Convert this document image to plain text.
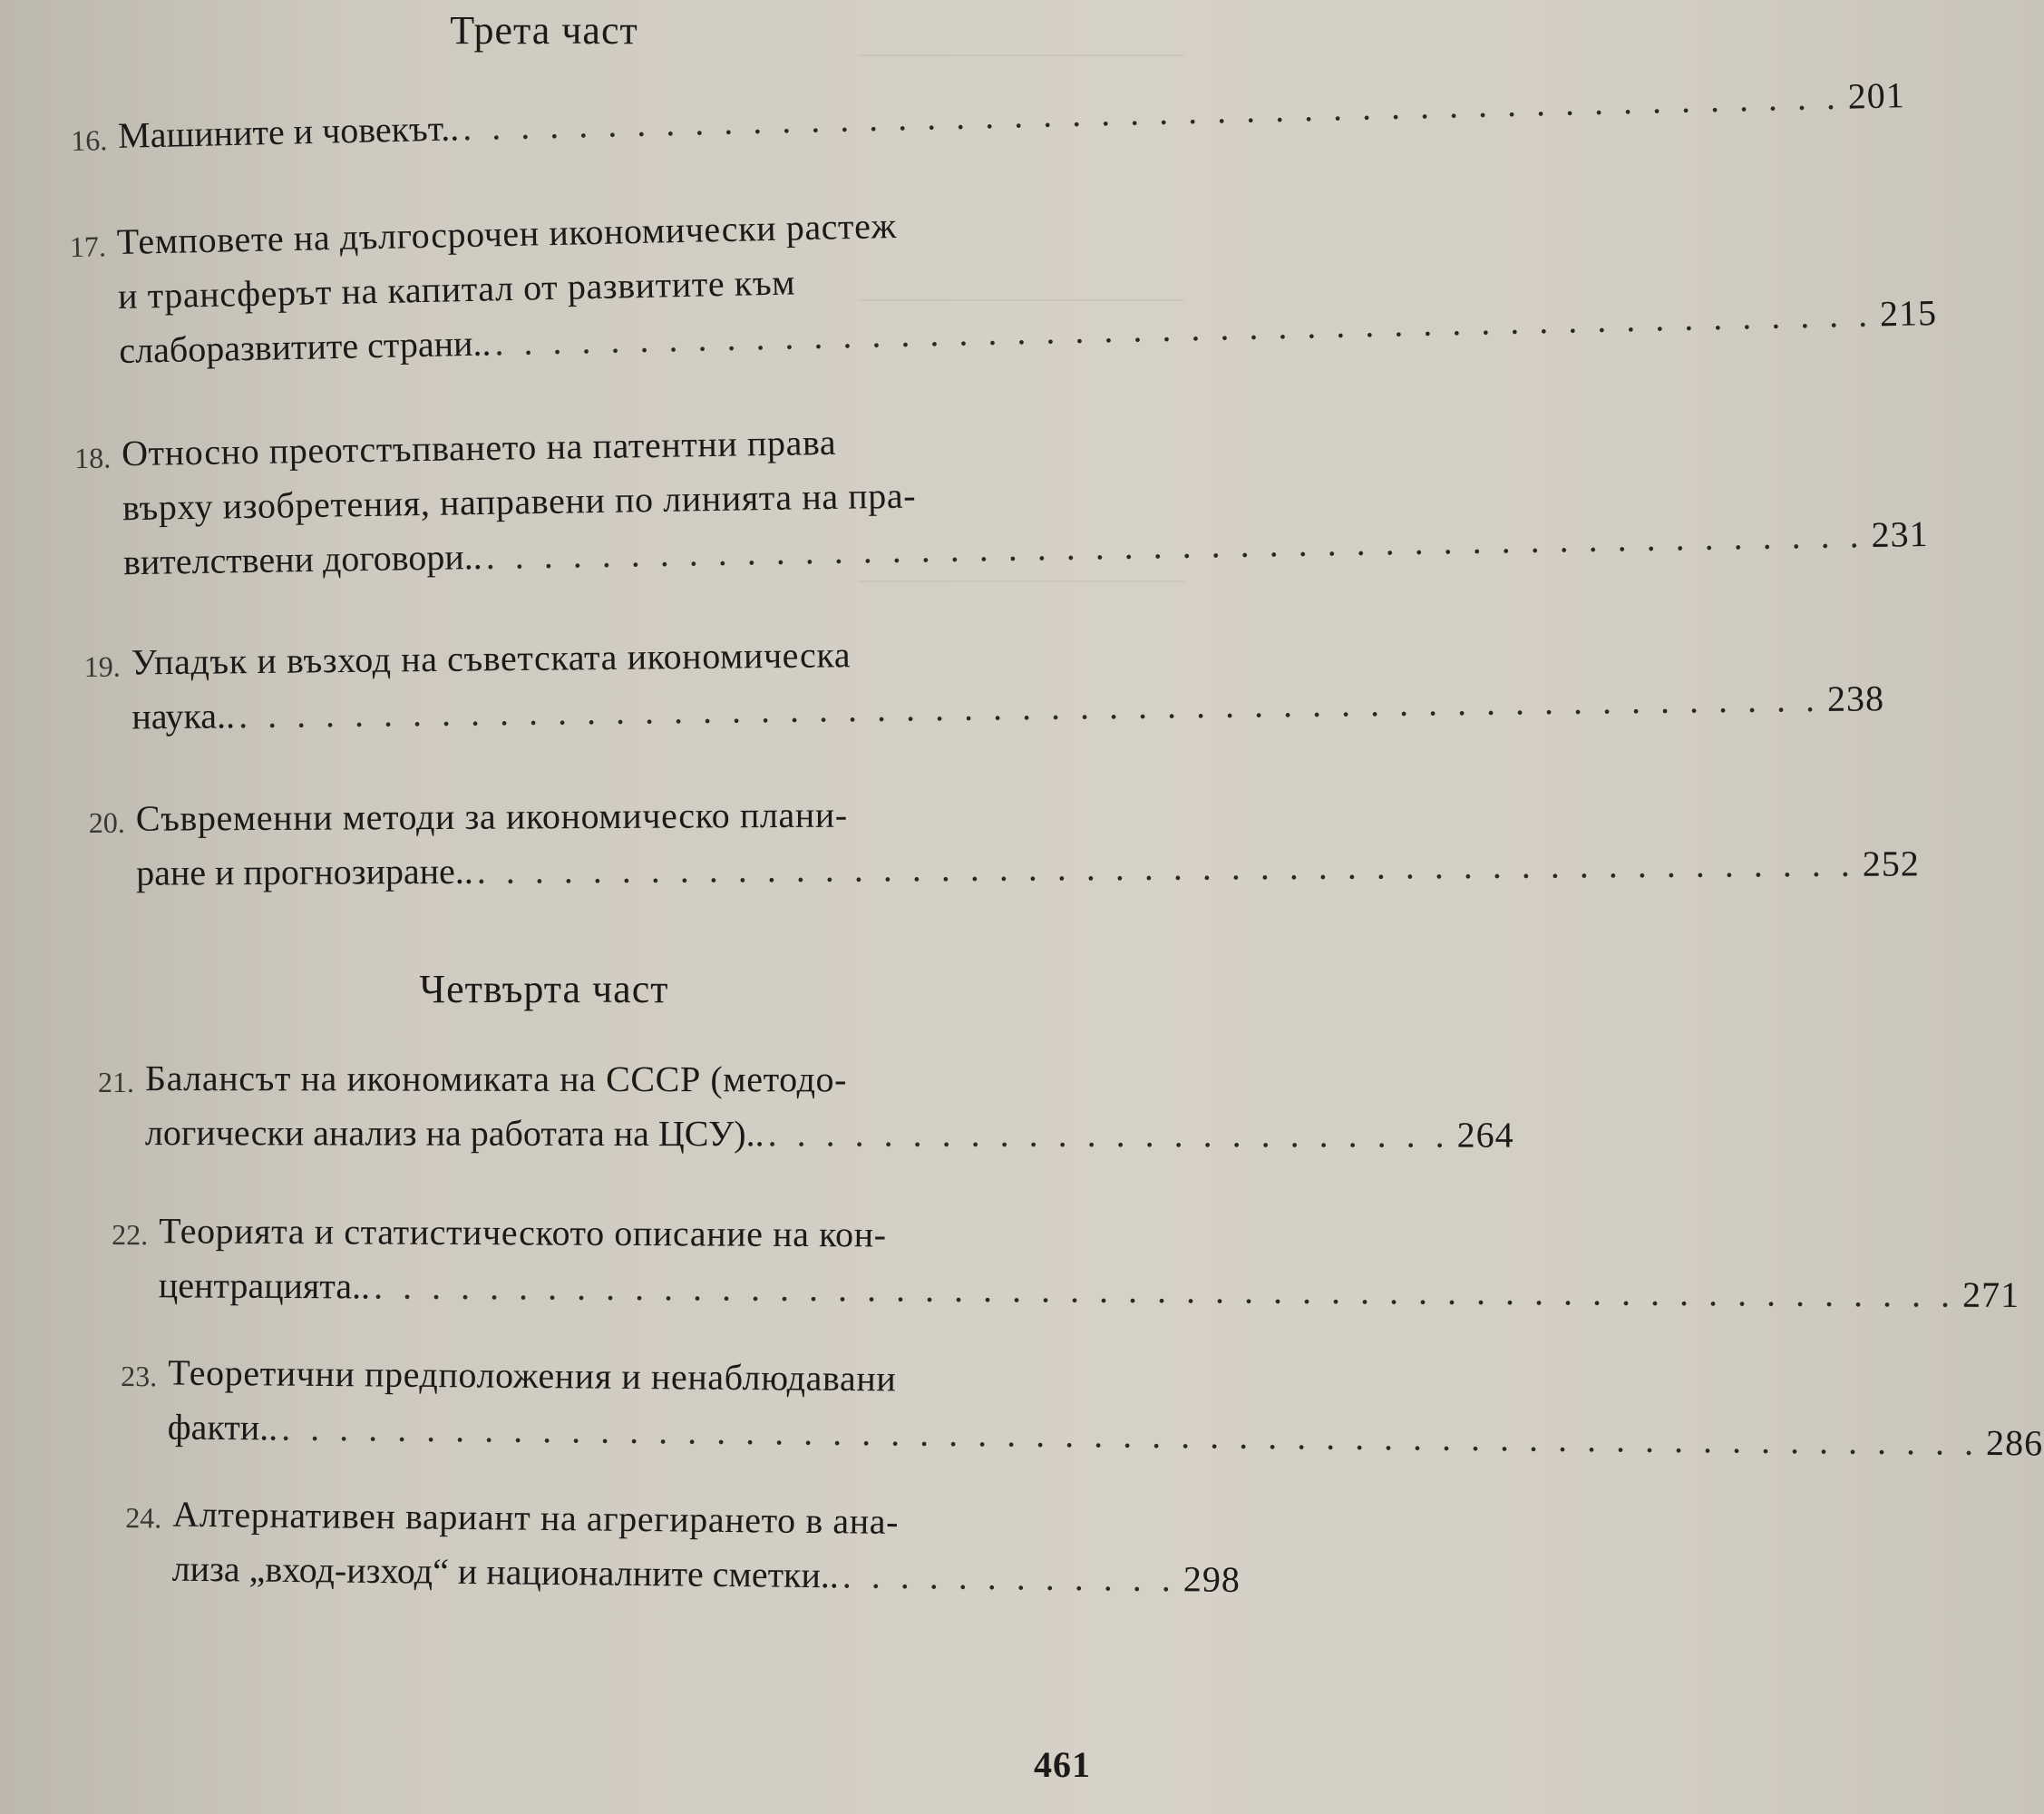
Трета част
16. Машините и човекът.. . . . . . . . . . . . . . . . . . . . . . . . . . . . . . . . . . . . . . . . . . . . . . . . . 201
17. Темповете на дългосрочен икономически растеж
и трансферът на капитал от развитите към
слаборазвитите страни.. . . . . . . . . . . . . . . . . . . . . . . . . . . . . . . . . . . . . . . . . . . . . . . . . 215
18. Относно преотстъпването на патентни права
върху изобретения, направени по линията на пра-
вителствени договори.. . . . . . . . . . . . . . . . . . . . . . . . . . . . . . . . . . . . . . . . . . . . . . . . . 231
19. Упадък и възход на съветската икономическа
наука.. . . . . . . . . . . . . . . . . . . . . . . . . . . . . . . . . . . . . . . . . . . . . . . . . . . . . . . . 238
20. Съвременни методи за икономическо плани-
ране и прогнозиране.. . . . . . . . . . . . . . . . . . . . . . . . . . . . . . . . . . . . . . . . . . . . . . . . . 252
Четвърта част
21. Балансът на икономиката на СССР (методо-
логически анализ на работата на ЦСУ).. . . . . . . . . . . . . . . . . . . . . . . . . 264
22. Теорията и статистическото описание на кон-
центрацията.. . . . . . . . . . . . . . . . . . . . . . . . . . . . . . . . . . . . . . . . . . . . . . . . . . . . . . . . 271
23. Теоретични предположения и ненаблюдавани
факти.. . . . . . . . . . . . . . . . . . . . . . . . . . . . . . . . . . . . . . . . . . . . . . . . . . . . . . . . . . . . 286
24. Алтернативен вариант на агрегирането в ана-
лиза „вход-изход“ и националните сметки.. . . . . . . . . . . . . 298
461
